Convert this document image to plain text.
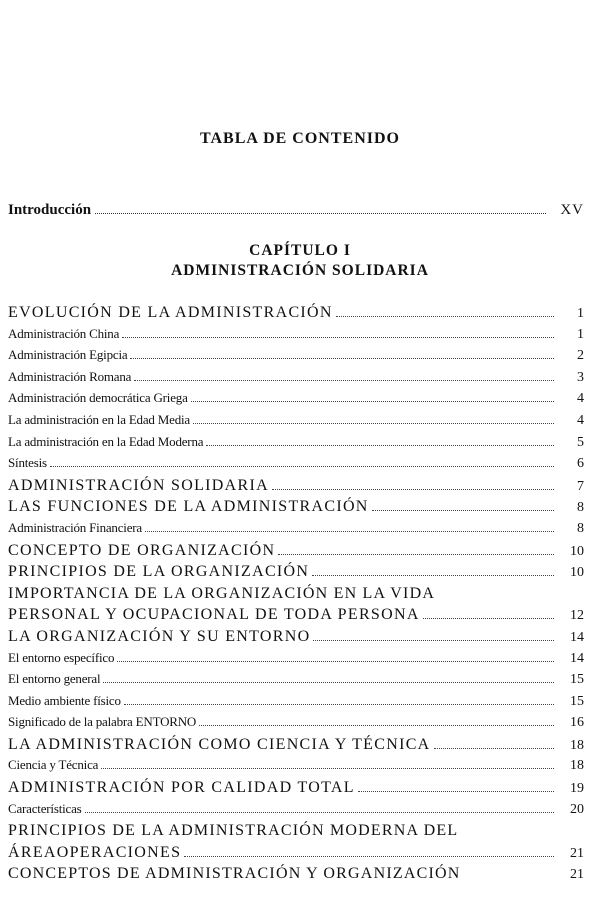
TABLA DE CONTENIDO
Introducción	XV
CAPÍTULO I
ADMINISTRACIÓN SOLIDARIA
EVOLUCIÓN DE LA ADMINISTRACIÓN	1
Administración China	1
Administración Egipcia	2
Administración Romana	3
Administración democrática Griega	4
La administración en la Edad Media	4
La administración en la Edad Moderna	5
Síntesis	6
ADMINISTRACIÓN SOLIDARIA	7
LAS FUNCIONES DE LA ADMINISTRACIÓN	8
Administración Financiera	8
CONCEPTO DE ORGANIZACIÓN	10
PRINCIPIOS DE LA ORGANIZACIÓN	10
IMPORTANCIA DE LA ORGANIZACIÓN EN LA VIDA
PERSONAL Y OCUPACIONAL DE TODA PERSONA	12
LA ORGANIZACIÓN Y SU ENTORNO	14
El entorno específico	14
El entorno general	15
Medio ambiente físico	15
Significado de la palabra ENTORNO	16
LA ADMINISTRACIÓN COMO CIENCIA Y TÉCNICA	18
Ciencia y Técnica	18
ADMINISTRACIÓN POR CALIDAD TOTAL	19
Características	20
PRINCIPIOS DE LA ADMINISTRACIÓN MODERNA DEL
ÁREAOPERACIONES	21
CONCEPTOS DE ADMINISTRACIÓN Y ORGANIZACIÓN	21
